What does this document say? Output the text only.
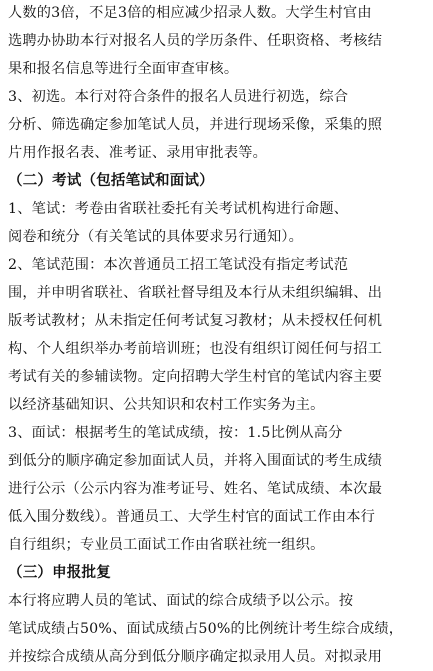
人数的3倍，不足3倍的相应减少招录人数。大学生村官由
选聘办协助本行对报名人员的学历条件、任职资格、考核结
果和报名信息等进行全面审查审核。
3、初选。本行对符合条件的报名人员进行初选，综合
分析、筛选确定参加笔试人员，并进行现场采像，采集的照
片用作报名表、准考证、录用审批表等。
（二）考试（包括笔试和面试）
1、笔试：考卷由省联社委托有关考试机构进行命题、
阅卷和统分（有关笔试的具体要求另行通知）。
2、笔试范围：本次普通员工招工笔试没有指定考试范
围，并申明省联社、省联社督导组及本行从未组织编辑、出
版考试教材；从未指定任何考试复习教材；从未授权任何机
构、个人组织举办考前培训班；也没有组织订阅任何与招工
考试有关的参辅读物。定向招聘大学生村官的笔试内容主要
以经济基础知识、公共知识和农村工作实务为主。
3、面试：根据考生的笔试成绩，按：1.5比例从高分
到低分的顺序确定参加面试人员，并将入围面试的考生成绩
进行公示（公示内容为准考证号、姓名、笔试成绩、本次最
低入围分数线）。普通员工、大学生村官的面试工作由本行
自行组织；专业员工面试工作由省联社统一组织。
（三）申报批复
本行将应聘人员的笔试、面试的综合成绩予以公示。按
笔试成绩占50%、面试成绩占50%的比例统计考生综合成绩，
并按综合成绩从高分到低分顺序确定拟录用人员。对拟录用
